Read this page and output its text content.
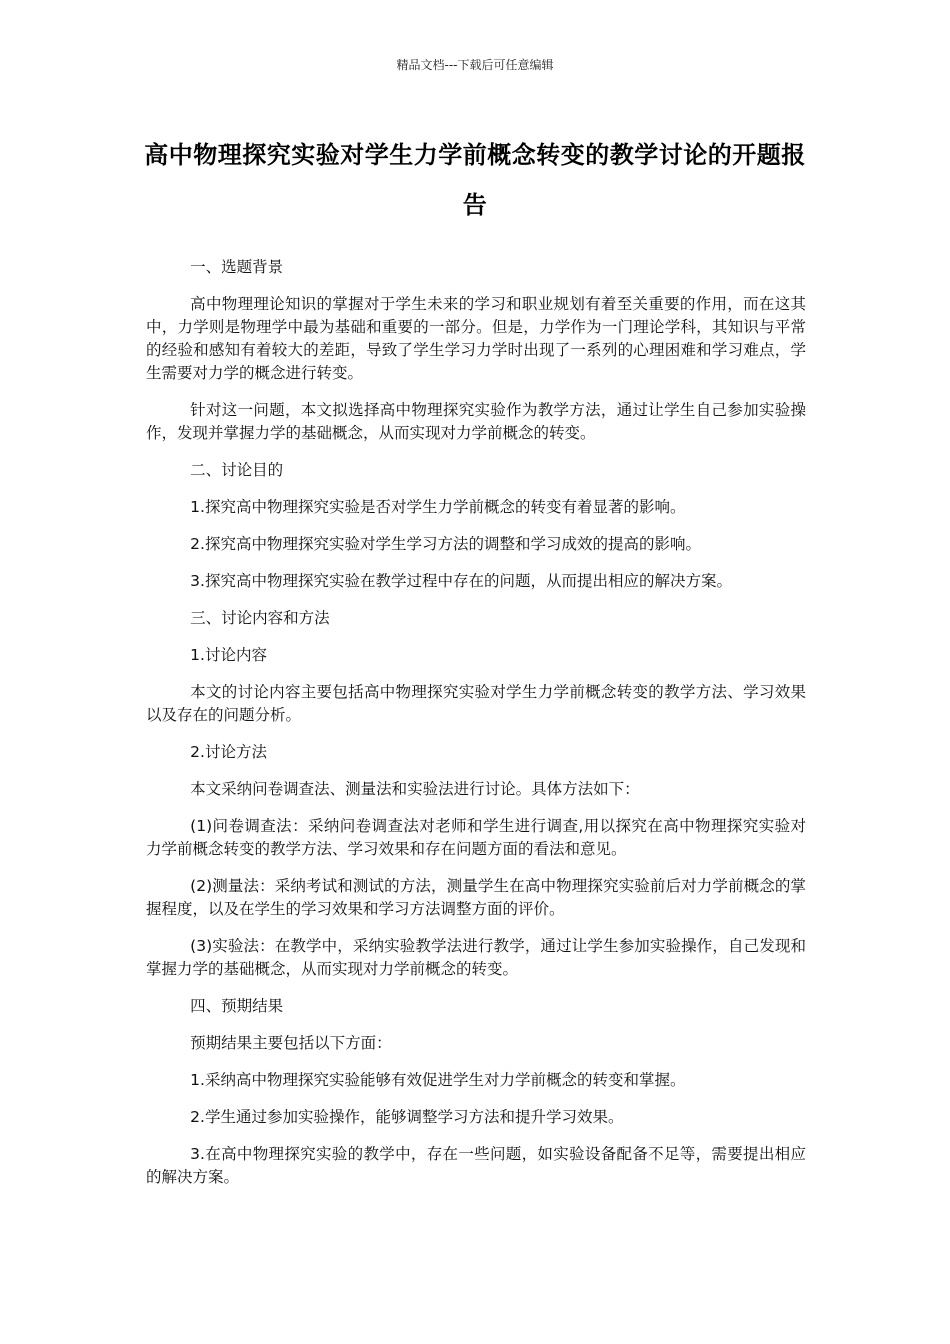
精品文档---下载后可任意编辑
高中物理探究实验对学生力学前概念转变的教学讨论的开题报告

一、选题背景

高中物理理论知识的掌握对于学生未来的学习和职业规划有着至关重要的作用，而在这其中，力学则是物理学中最为基础和重要的一部分。但是，力学作为一门理论学科，其知识与平常的经验和感知有着较大的差距，导致了学生学习力学时出现了一系列的心理困难和学习难点，学生需要对力学的概念进行转变。

针对这一问题，本文拟选择高中物理探究实验作为教学方法，通过让学生自己参加实验操作，发现并掌握力学的基础概念，从而实现对力学前概念的转变。

二、讨论目的

1.探究高中物理探究实验是否对学生力学前概念的转变有着显著的影响。

2.探究高中物理探究实验对学生学习方法的调整和学习成效的提高的影响。

3.探究高中物理探究实验在教学过程中存在的问题，从而提出相应的解决方案。

三、讨论内容和方法

1.讨论内容

本文的讨论内容主要包括高中物理探究实验对学生力学前概念转变的教学方法、学习效果以及存在的问题分析。

2.讨论方法

本文采纳问卷调查法、测量法和实验法进行讨论。具体方法如下：

(1)问卷调查法：采纳问卷调查法对老师和学生进行调查,用以探究在高中物理探究实验对力学前概念转变的教学方法、学习效果和存在问题方面的看法和意见。

(2)测量法：采纳考试和测试的方法，测量学生在高中物理探究实验前后对力学前概念的掌握程度，以及在学生的学习效果和学习方法调整方面的评价。

(3)实验法：在教学中，采纳实验教学法进行教学，通过让学生参加实验操作，自己发现和掌握力学的基础概念，从而实现对力学前概念的转变。

四、预期结果

预期结果主要包括以下方面：

1.采纳高中物理探究实验能够有效促进学生对力学前概念的转变和掌握。

2.学生通过参加实验操作，能够调整学习方法和提升学习效果。

3.在高中物理探究实验的教学中，存在一些问题，如实验设备配备不足等，需要提出相应的解决方案。
